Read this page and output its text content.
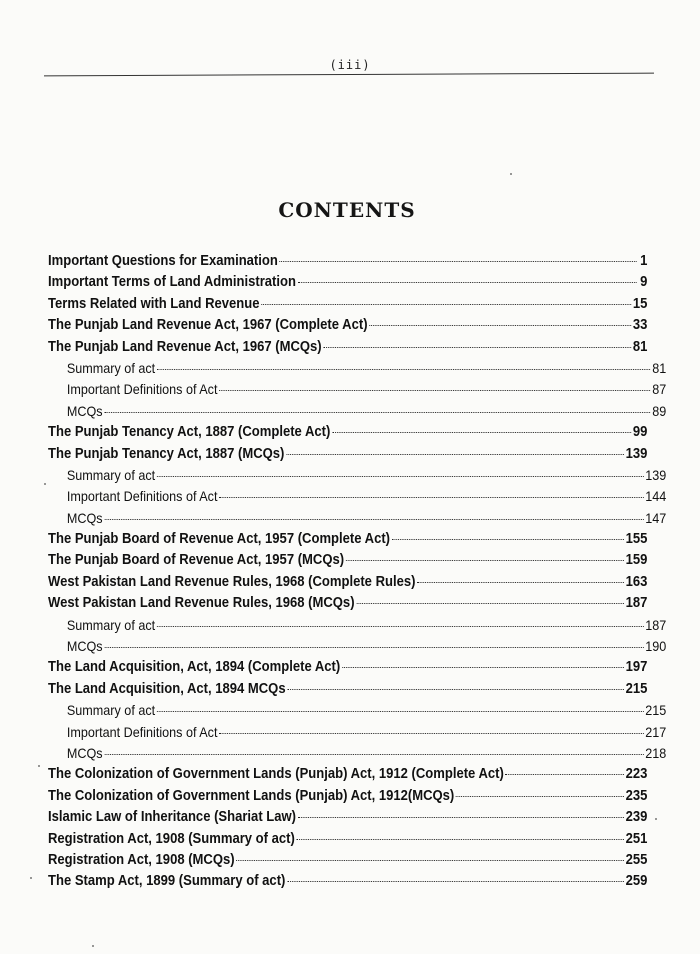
(iii)
CONTENTS
Important Questions for Examination	1
Important Terms of Land Administration	9
Terms Related with Land Revenue	15
The Punjab Land Revenue Act, 1967 (Complete Act)	33
The Punjab Land Revenue Act, 1967 (MCQs)	81
Summary of act	81
Important Definitions of Act	87
MCQs	89
The Punjab Tenancy Act, 1887 (Complete Act)	99
The Punjab Tenancy Act, 1887 (MCQs)	139
Summary of act	139
Important Definitions of Act	144
MCQs	147
The Punjab Board of Revenue Act, 1957 (Complete Act)	155
The Punjab Board of Revenue Act, 1957 (MCQs)	159
West Pakistan Land Revenue Rules, 1968 (Complete Rules)	163
West Pakistan Land Revenue Rules, 1968 (MCQs)	187
Summary of act	187
MCQs	190
The Land Acquisition, Act, 1894 (Complete Act)	197
The Land Acquisition, Act, 1894 MCQs	215
Summary of act	215
Important Definitions of Act	217
MCQs	218
The Colonization of Government Lands (Punjab) Act, 1912 (Complete Act)	223
The Colonization of Government Lands (Punjab) Act, 1912(MCQs)	235
Islamic Law of Inheritance (Shariat Law)	239
Registration Act, 1908 (Summary of act)	251
Registration Act, 1908 (MCQs)	255
The Stamp Act, 1899 (Summary of act)	259
